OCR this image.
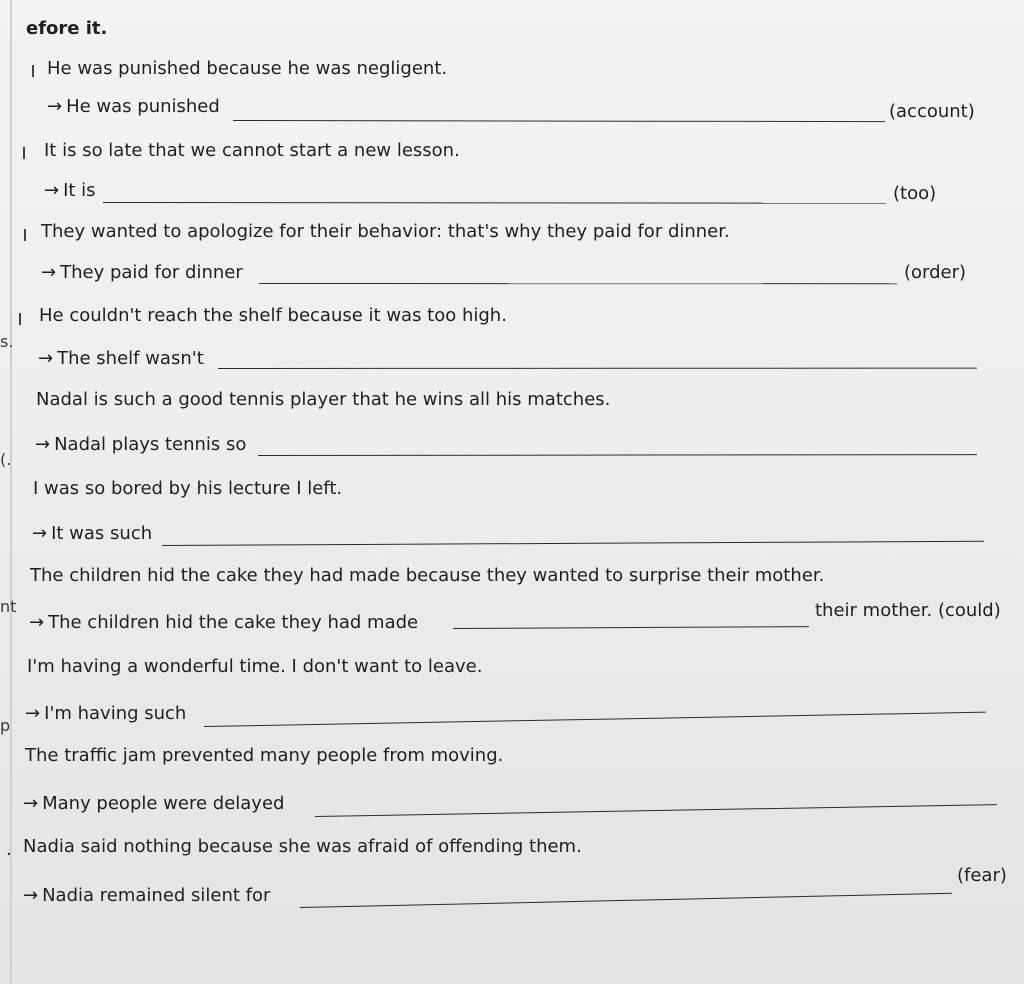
efore it.
s.
(.
nt
p
He was punished because he was negligent.
→ He was punished	(account)
It is so late that we cannot start a new lesson.
→ It is	(too)
They wanted to apologize for their behavior: that's why they paid for dinner.
→ They paid for dinner	(order)
He couldn't reach the shelf because it was too high.
→ The shelf wasn't
Nadal is such a good tennis player that he wins all his matches.
→ Nadal plays tennis so
I was so bored by his lecture I left.
→ It was such
The children hid the cake they had made because they wanted to surprise their mother.
→ The children hid the cake they had made
their mother. (could)
I'm having a wonderful time. I don't want to leave.
→ I'm having such
The traffic jam prevented many people from moving.
→ Many people were delayed
. Nadia said nothing because she was afraid of offending them.
→ Nadia remained silent for
(fear)
